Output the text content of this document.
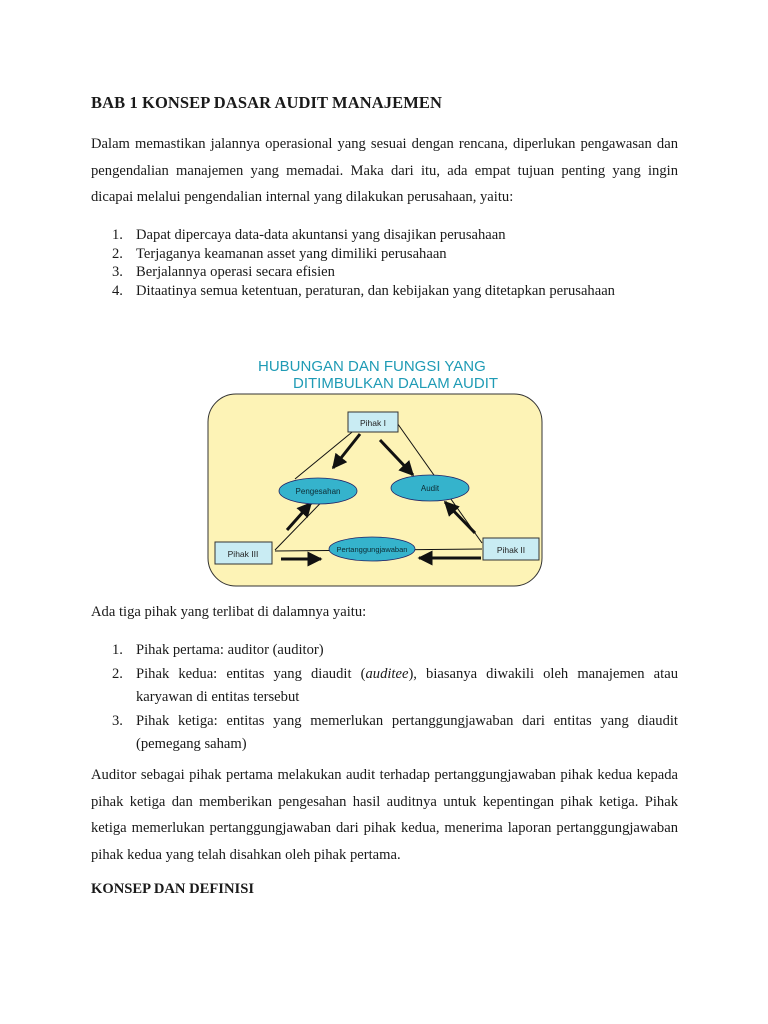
BAB 1 KONSEP DASAR AUDIT MANAJEMEN

Dalam memastikan jalannya operasional yang sesuai dengan rencana, diperlukan pengawasan dan pengendalian manajemen yang memadai. Maka dari itu, ada empat tujuan penting yang ingin dicapai melalui pengendalian internal yang dilakukan perusahaan, yaitu:

1. Dapat dipercaya data-data akuntansi yang disajikan perusahaan
2. Terjaganya keamanan asset yang dimiliki perusahaan
3. Berjalannya operasi secara efisien
4. Ditaatinya semua ketentuan, peraturan, dan kebijakan yang ditetapkan perusahaan

Ada tiga pihak yang terlibat di dalamnya yaitu:

1. Pihak pertama: auditor (auditor)
2. Pihak kedua: entitas yang diaudit (auditee), biasanya diwakili oleh manajemen atau karyawan di entitas tersebut
3. Pihak ketiga: entitas yang memerlukan pertanggungjawaban dari entitas yang diaudit (pemegang saham)

Auditor sebagai pihak pertama melakukan audit terhadap pertanggungjawaban pihak kedua kepada pihak ketiga dan memberikan pengesahan hasil auditnya untuk kepentingan pihak ketiga. Pihak ketiga memerlukan pertanggungjawaban dari pihak kedua, menerima laporan pertanggungjawaban pihak kedua yang telah disahkan oleh pihak pertama.

KONSEP DAN DEFINISI

HUBUNGAN DAN FUNGSI YANG
DITIMBULKAN DALAM AUDIT
Pihak I
Pengesahan	Audit
Pertanggungjawaban
Pihak III	Pihak II
